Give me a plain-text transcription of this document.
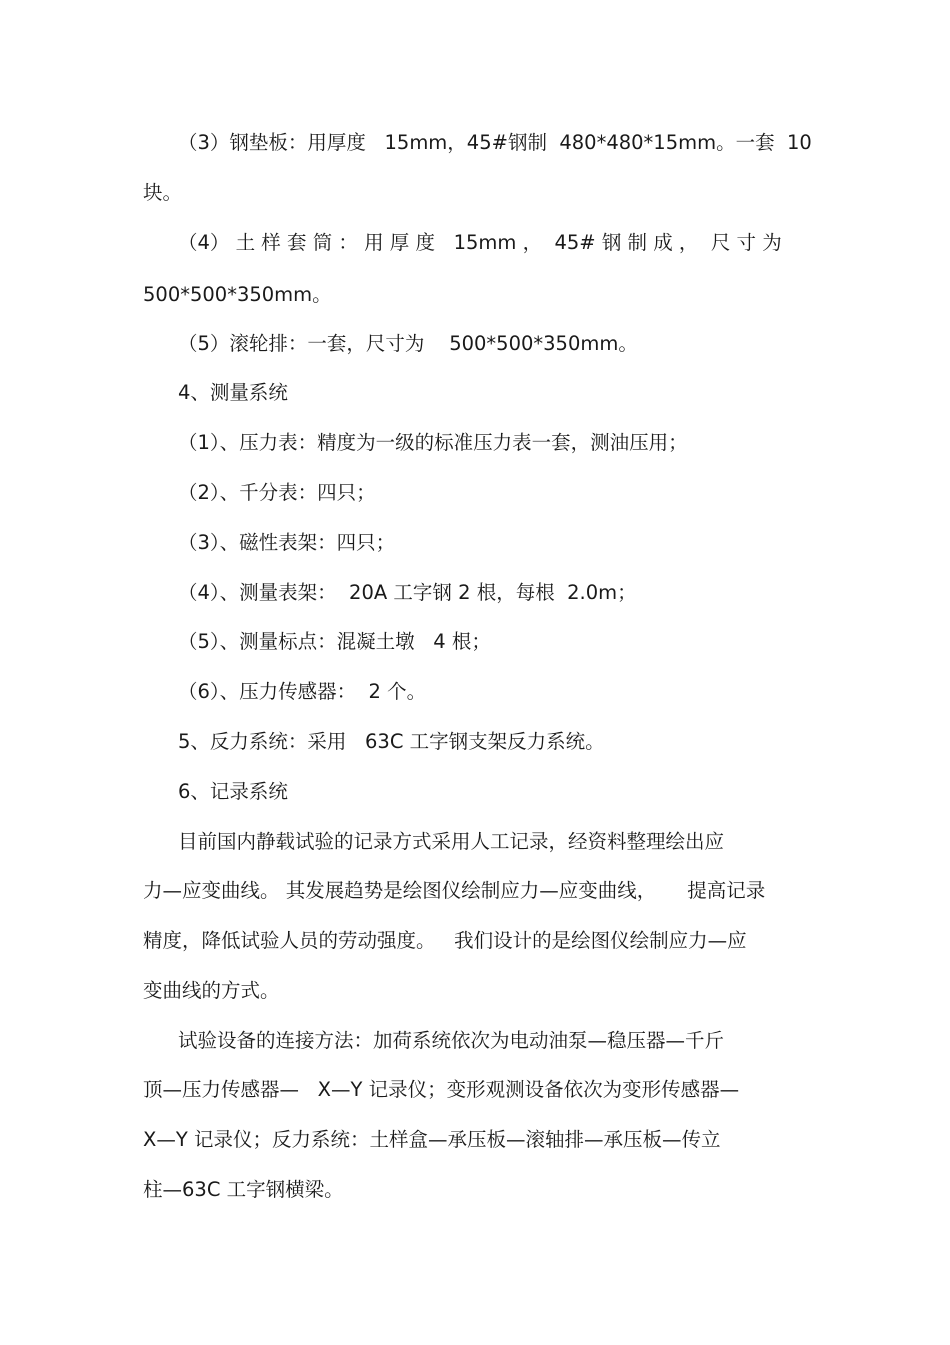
（3）钢垫板：用厚度   15mm，45#钢制  480*480*15mm。一套  10
块。
（4） 土 样 套 筒 ： 用 厚 度   15mm ，  45# 钢 制 成 ，  尺 寸 为
500*500*350mm。
（5）滚轮排：一套，尺寸为    500*500*350mm。
4、测量系统
（1）、压力表：精度为一级的标准压力表一套，测油压用；
（2）、千分表：四只；
（3）、磁性表架：四只；
（4）、测量表架：  20A 工字钢 2 根，每根  2.0m；
（5）、测量标点：混凝土墩   4 根；
（6）、压力传感器：  2 个。
5、反力系统：采用   63C 工字钢支架反力系统。
6、记录系统
目前国内静载试验的记录方式采用人工记录，经资料整理绘出应
力—应变曲线。 其发展趋势是绘图仪绘制应力—应变曲线，     提高记录
精度，降低试验人员的劳动强度。   我们设计的是绘图仪绘制应力—应
变曲线的方式。
试验设备的连接方法：加荷系统依次为电动油泵—稳压器—千斤
顶—压力传感器—   X—Y 记录仪；变形观测设备依次为变形传感器—
X—Y 记录仪；反力系统：土样盒—承压板—滚轴排—承压板—传立
柱—63C 工字钢横梁。
